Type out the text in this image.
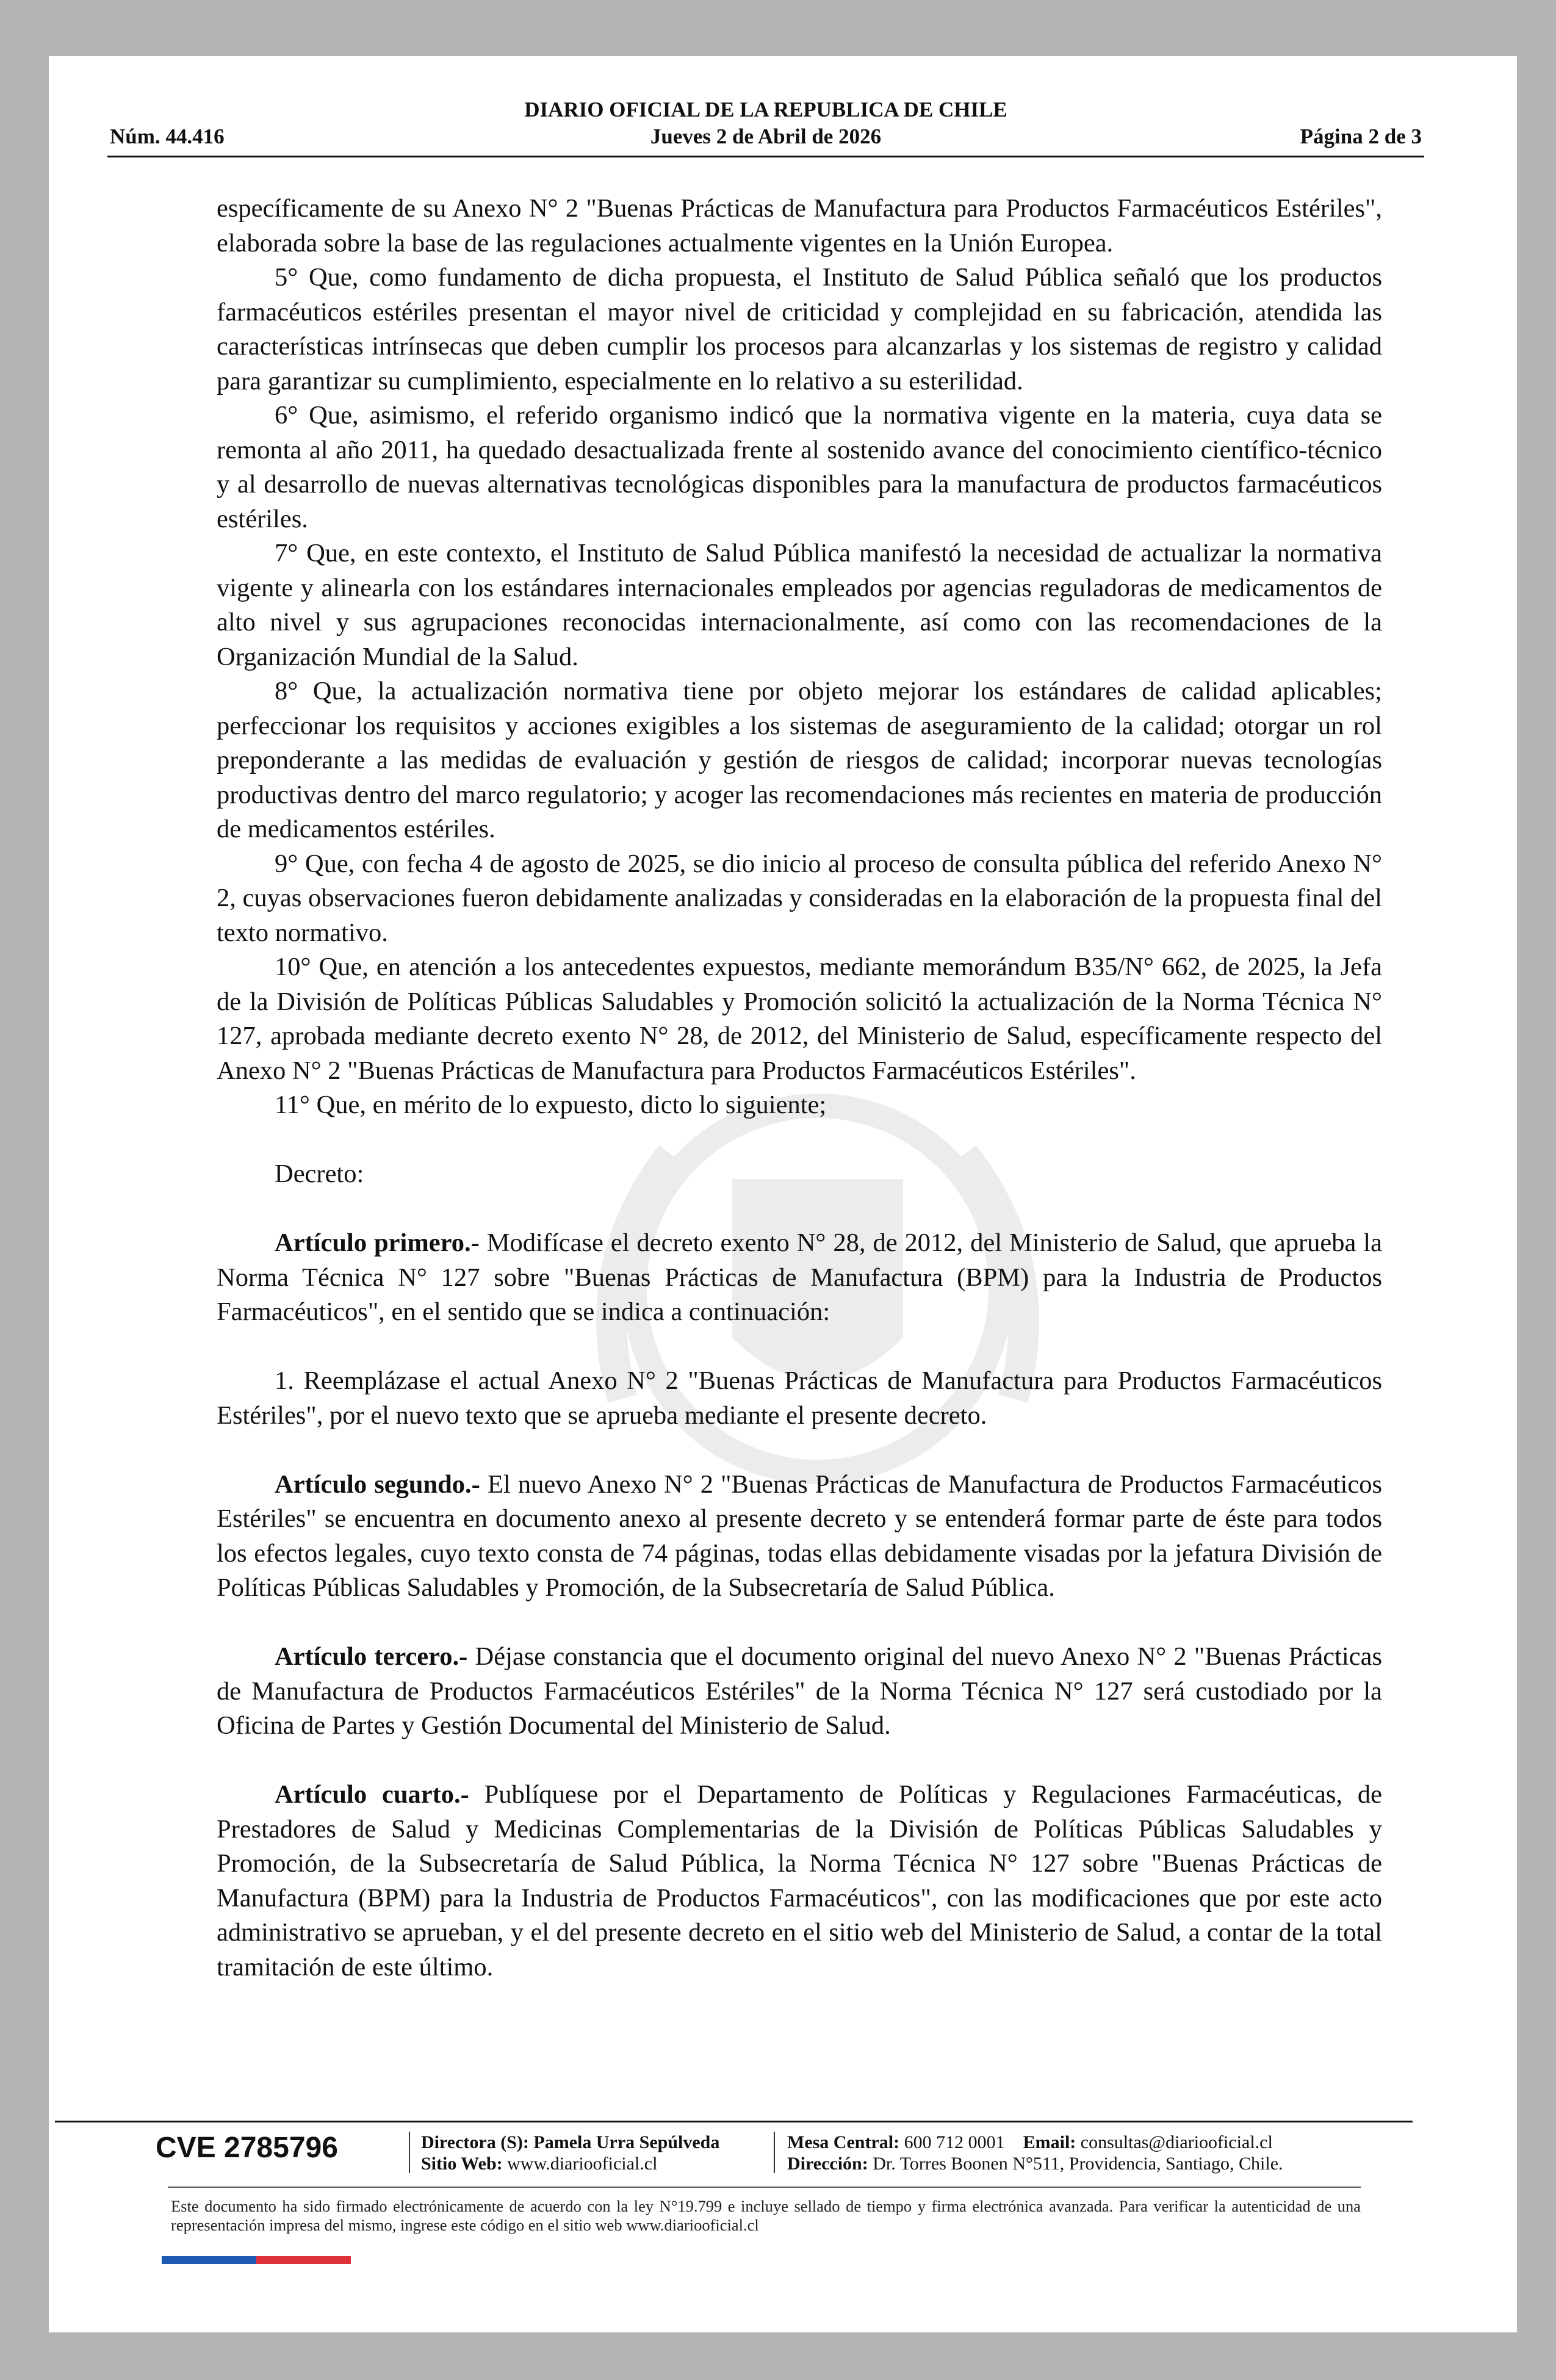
DIARIO OFICIAL DE LA REPUBLICA DE CHILE
Núm. 44.416	Jueves 2 de Abril de 2026	Página 2 de 3

específicamente de su Anexo N° 2 "Buenas Prácticas de Manufactura para Productos Farmacéuticos Estériles", elaborada sobre la base de las regulaciones actualmente vigentes en la Unión Europea.

5° Que, como fundamento de dicha propuesta, el Instituto de Salud Pública señaló que los productos farmacéuticos estériles presentan el mayor nivel de criticidad y complejidad en su fabricación, atendida las características intrínsecas que deben cumplir los procesos para alcanzarlas y los sistemas de registro y calidad para garantizar su cumplimiento, especialmente en lo relativo a su esterilidad.

6° Que, asimismo, el referido organismo indicó que la normativa vigente en la materia, cuya data se remonta al año 2011, ha quedado desactualizada frente al sostenido avance del conocimiento científico-técnico y al desarrollo de nuevas alternativas tecnológicas disponibles para la manufactura de productos farmacéuticos estériles.

7° Que, en este contexto, el Instituto de Salud Pública manifestó la necesidad de actualizar la normativa vigente y alinearla con los estándares internacionales empleados por agencias reguladoras de medicamentos de alto nivel y sus agrupaciones reconocidas internacionalmente, así como con las recomendaciones de la Organización Mundial de la Salud.

8° Que, la actualización normativa tiene por objeto mejorar los estándares de calidad aplicables; perfeccionar los requisitos y acciones exigibles a los sistemas de aseguramiento de la calidad; otorgar un rol preponderante a las medidas de evaluación y gestión de riesgos de calidad; incorporar nuevas tecnologías productivas dentro del marco regulatorio; y acoger las recomendaciones más recientes en materia de producción de medicamentos estériles.

9° Que, con fecha 4 de agosto de 2025, se dio inicio al proceso de consulta pública del referido Anexo N° 2, cuyas observaciones fueron debidamente analizadas y consideradas en la elaboración de la propuesta final del texto normativo.

10° Que, en atención a los antecedentes expuestos, mediante memorándum B35/N° 662, de 2025, la Jefa de la División de Políticas Públicas Saludables y Promoción solicitó la actualización de la Norma Técnica N° 127, aprobada mediante decreto exento N° 28, de 2012, del Ministerio de Salud, específicamente respecto del Anexo N° 2 "Buenas Prácticas de Manufactura para Productos Farmacéuticos Estériles".

11° Que, en mérito de lo expuesto, dicto lo siguiente;

Decreto:

Artículo primero.- Modifícase el decreto exento N° 28, de 2012, del Ministerio de Salud, que aprueba la Norma Técnica N° 127 sobre "Buenas Prácticas de Manufactura (BPM) para la Industria de Productos Farmacéuticos", en el sentido que se indica a continuación:

1. Reemplázase el actual Anexo N° 2 "Buenas Prácticas de Manufactura para Productos Farmacéuticos Estériles", por el nuevo texto que se aprueba mediante el presente decreto.

Artículo segundo.- El nuevo Anexo N° 2 "Buenas Prácticas de Manufactura de Productos Farmacéuticos Estériles" se encuentra en documento anexo al presente decreto y se entenderá formar parte de éste para todos los efectos legales, cuyo texto consta de 74 páginas, todas ellas debidamente visadas por la jefatura División de Políticas Públicas Saludables y Promoción, de la Subsecretaría de Salud Pública.

Artículo tercero.- Déjase constancia que el documento original del nuevo Anexo N° 2 "Buenas Prácticas de Manufactura de Productos Farmacéuticos Estériles" de la Norma Técnica N° 127 será custodiado por la Oficina de Partes y Gestión Documental del Ministerio de Salud.

Artículo cuarto.- Publíquese por el Departamento de Políticas y Regulaciones Farmacéuticas, de Prestadores de Salud y Medicinas Complementarias de la División de Políticas Públicas Saludables y Promoción, de la Subsecretaría de Salud Pública, la Norma Técnica N° 127 sobre "Buenas Prácticas de Manufactura (BPM) para la Industria de Productos Farmacéuticos", con las modificaciones que por este acto administrativo se aprueban, y el del presente decreto en el sitio web del Ministerio de Salud, a contar de la total tramitación de este último.

CVE 2785796	Directora (S): Pamela Urra Sepúlveda
Sitio Web: www.diariooficial.cl
Mesa Central: 600 712 0001 Email: consultas@diariooficial.cl
Dirección: Dr. Torres Boonen N°511, Providencia, Santiago, Chile.
Este documento ha sido firmado electrónicamente de acuerdo con la ley N°19.799 e incluye sellado de tiempo y firma electrónica avanzada. Para verificar la autenticidad de una representación impresa del mismo, ingrese este código en el sitio web www.diariooficial.cl
